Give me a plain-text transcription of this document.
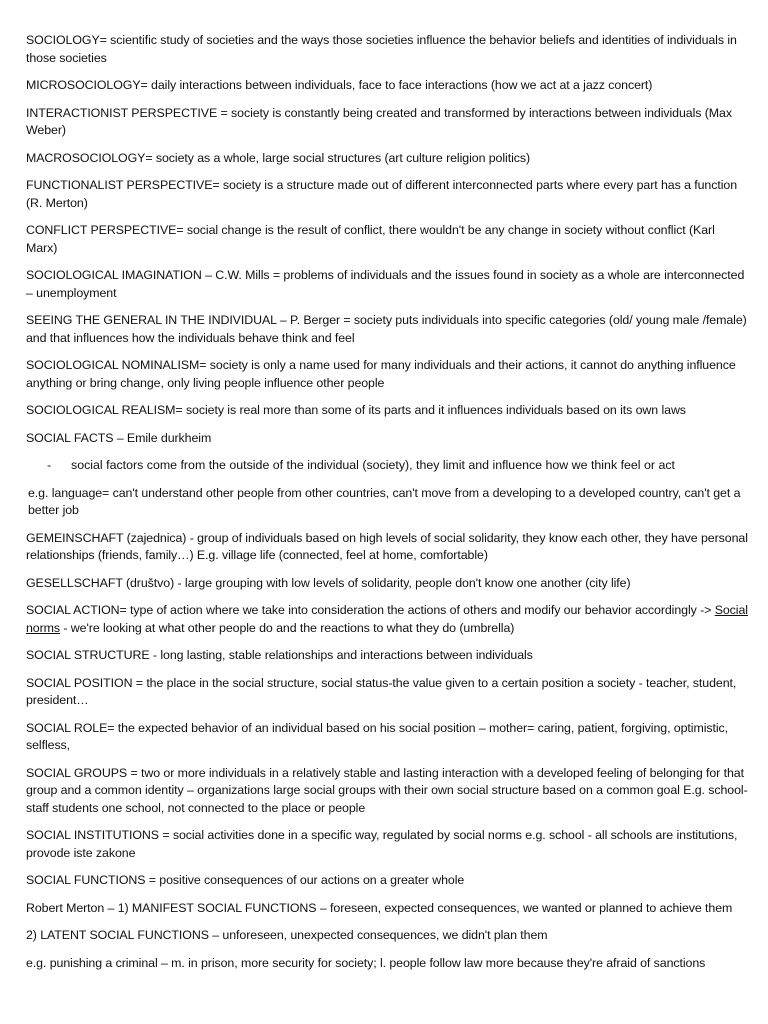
SOCIOLOGY= scientific study of societies and the ways those societies influence the behavior beliefs and identities of individuals in those societies

MICROSOCIOLOGY= daily interactions between individuals, face to face interactions (how we act at a jazz concert)

INTERACTIONIST PERSPECTIVE = society is constantly being created and transformed by interactions between individuals (Max Weber)

MACROSOCIOLOGY= society as a whole, large social structures (art culture religion politics)

FUNCTIONALIST PERSPECTIVE= society is a structure made out of different interconnected parts where every part has a function (R. Merton)

CONFLICT PERSPECTIVE= social change is the result of conflict, there wouldn't be any change in society without conflict (Karl Marx)

SOCIOLOGICAL IMAGINATION – C.W. Mills = problems of individuals and the issues found in society as a whole are interconnected – unemployment

SEEING THE GENERAL IN THE INDIVIDUAL – P. Berger = society puts individuals into specific categories (old/ young male /female) and that influences how the individuals behave think and feel

SOCIOLOGICAL NOMINALISM= society is only a name used for many individuals and their actions, it cannot do anything influence anything or bring change, only living people influence other people

SOCIOLOGICAL REALISM= society is real more than some of its parts and it influences individuals based on its own laws

SOCIAL FACTS – Emile durkheim

-	social factors come from the outside of the individual (society), they limit and influence how we think feel or act

e.g. language= can't understand other people from other countries, can't move from a developing to a developed country, can't get a better job

GEMEINSCHAFT (zajednica) - group of individuals based on high levels of social solidarity, they know each other, they have personal relationships (friends, family…) E.g. village life (connected, feel at home, comfortable)

GESELLSCHAFT (društvo) - large grouping with low levels of solidarity, people don't know one another (city life)

SOCIAL ACTION= type of action where we take into consideration the actions of others and modify our behavior accordingly -> Social norms - we're looking at what other people do and the reactions to what they do (umbrella)

SOCIAL STRUCTURE - long lasting, stable relationships and interactions between individuals

SOCIAL POSITION = the place in the social structure, social status-the value given to a certain position a society - teacher, student, president…

SOCIAL ROLE= the expected behavior of an individual based on his social position – mother= caring, patient, forgiving, optimistic, selfless,

SOCIAL GROUPS = two or more individuals in a relatively stable and lasting interaction with a developed feeling of belonging for that group and a common identity – organizations large social groups with their own social structure based on a common goal E.g. school- staff students one school, not connected to the place or people

SOCIAL INSTITUTIONS = social activities done in a specific way, regulated by social norms e.g. school - all schools are institutions, provode iste zakone

SOCIAL FUNCTIONS = positive consequences of our actions on a greater whole

Robert Merton – 1) MANIFEST SOCIAL FUNCTIONS – foreseen, expected consequences, we wanted or planned to achieve them

2) LATENT SOCIAL FUNCTIONS – unforeseen, unexpected consequences, we didn't plan them

e.g. punishing a criminal – m. in prison, more security for society; l. people follow law more because they're afraid of sanctions
